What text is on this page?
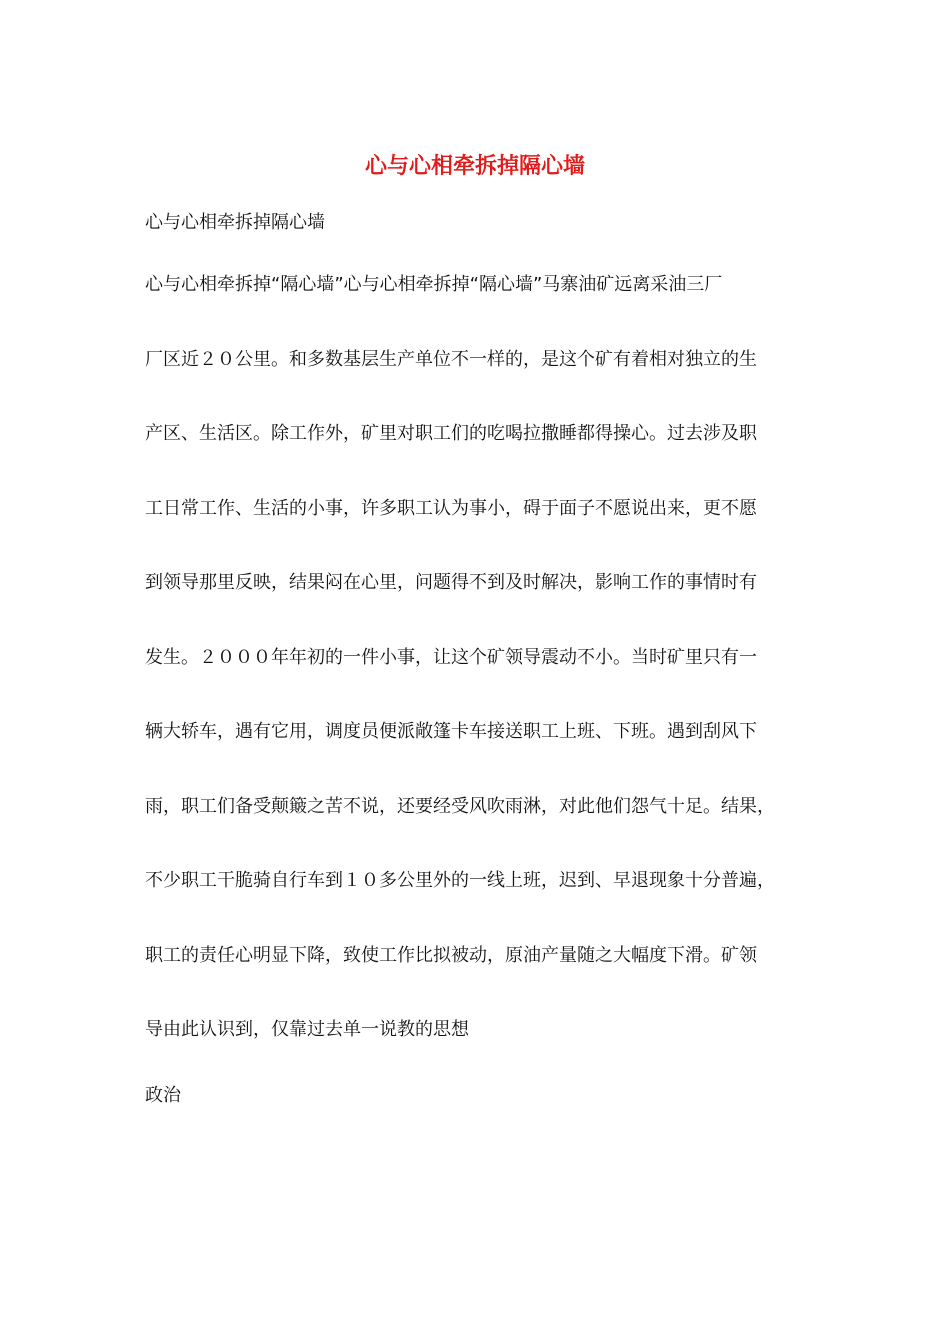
心与心相牵拆掉隔心墙

心与心相牵拆掉隔心墙

心与心相牵拆掉“隔心墙”心与心相牵拆掉“隔心墙”马寨油矿远离采油三厂
厂区近２０公里。和多数基层生产单位不一样的，是这个矿有着相对独立的生
产区、生活区。除工作外，矿里对职工们的吃喝拉撒睡都得操心。过去涉及职
工日常工作、生活的小事，许多职工认为事小，碍于面子不愿说出来，更不愿
到领导那里反映，结果闷在心里，问题得不到及时解决，影响工作的事情时有
发生。２０００年年初的一件小事，让这个矿领导震动不小。当时矿里只有一
辆大轿车，遇有它用，调度员便派敞篷卡车接送职工上班、下班。遇到刮风下
雨，职工们备受颠簸之苦不说，还要经受风吹雨淋，对此他们怨气十足。结果，
不少职工干脆骑自行车到１０多公里外的一线上班，迟到、早退现象十分普遍，
职工的责任心明显下降，致使工作比拟被动，原油产量随之大幅度下滑。矿领
导由此认识到，仅靠过去单一说教的思想

政治
